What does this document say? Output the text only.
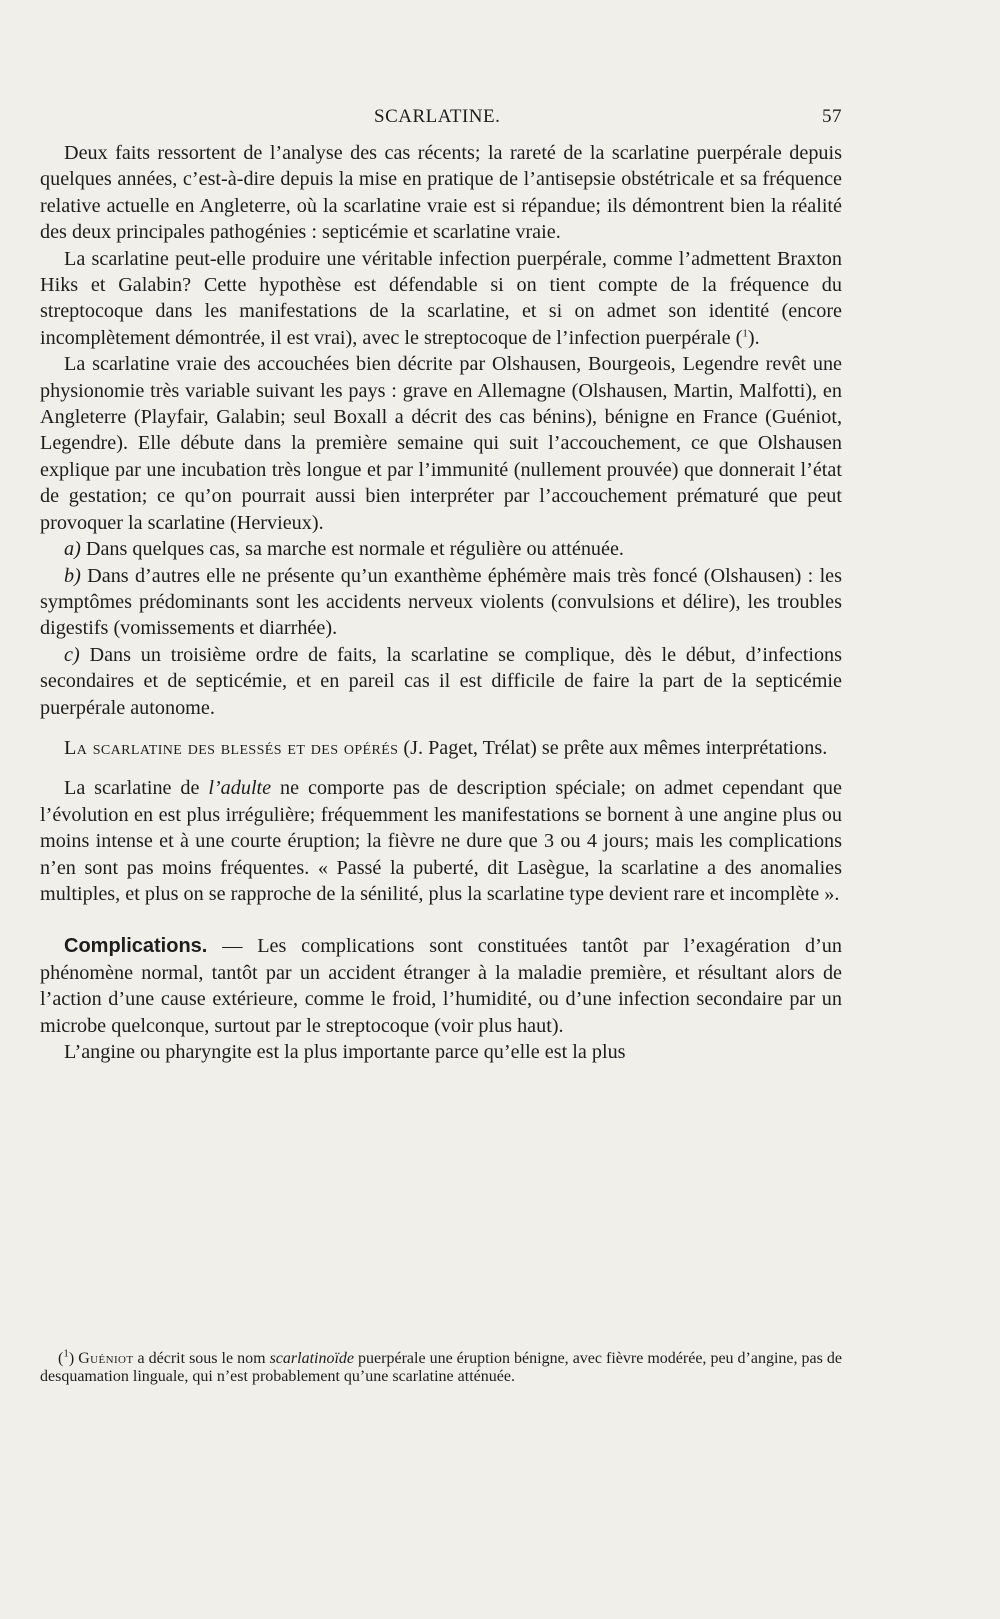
SCARLATINE.	57

Deux faits ressortent de l’analyse des cas récents; la rareté de la scarlatine puerpérale depuis quelques années, c’est-à-dire depuis la mise en pratique de l’antisepsie obstétricale et sa fréquence relative actuelle en Angleterre, où la scarlatine vraie est si répandue; ils démontrent bien la réalité des deux principales pathogénies : septicémie et scarlatine vraie.

La scarlatine peut-elle produire une véritable infection puerpérale, comme l’admettent Braxton Hiks et Galabin? Cette hypothèse est défendable si on tient compte de la fréquence du streptocoque dans les manifestations de la scarlatine, et si on admet son identité (encore incomplètement démontrée, il est vrai), avec le streptocoque de l’infection puerpérale ($^1$).

La scarlatine vraie des accouchées bien décrite par Olshausen, Bourgeois, Legendre revêt une physionomie très variable suivant les pays : grave en Allemagne (Olshausen, Martin, Malfotti), en Angleterre (Playfair, Galabin; seul Boxall a décrit des cas bénins), bénigne en France (Guéniot, Legendre). Elle débute dans la première semaine qui suit l’accouchement, ce que Olshausen explique par une incubation très longue et par l’immunité (nullement prouvée) que donnerait l’état de gestation; ce qu’on pourrait aussi bien interpréter par l’accouchement prématuré que peut provoquer la scarlatine (Hervieux).

a) Dans quelques cas, sa marche est normale et régulière ou atténuée.

b) Dans d’autres elle ne présente qu’un exanthème éphémère mais très foncé (Olshausen) : les symptômes prédominants sont les accidents nerveux violents (convulsions et délire), les troubles digestifs (vomissements et diarrhée).

c) Dans un troisième ordre de faits, la scarlatine se complique, dès le début, d’infections secondaires et de septicémie, et en pareil cas il est difficile de faire la part de la septicémie puerpérale autonome.

La scarlatine des blessés et des opérés (J. Paget, Trélat) se prête aux mêmes interprétations.

La scarlatine de l’adulte ne comporte pas de description spéciale; on admet cependant que l’évolution en est plus irrégulière; fréquemment les manifestations se bornent à une angine plus ou moins intense et à une courte éruption; la fièvre ne dure que 3 ou 4 jours; mais les complications n’en sont pas moins fréquentes. « Passé la puberté, dit Lasègue, la scarlatine a des anomalies multiples, et plus on se rapproche de la sénilité, plus la scarlatine type devient rare et incomplète ».

Complications. — Les complications sont constituées tantôt par l’exagération d’un phénomène normal, tantôt par un accident étranger à la maladie première, et résultant alors de l’action d’une cause extérieure, comme le froid, l’humidité, ou d’une infection secondaire par un microbe quelconque, surtout par le streptocoque (voir plus haut).

L’angine ou pharyngite est la plus importante parce qu’elle est la plus

($^1$) Guéniot a décrit sous le nom scarlatinoïde puerpérale une éruption bénigne, avec fièvre modérée, peu d’angine, pas de desquamation linguale, qui n’est probablement qu’une scarlatine atténuée.
